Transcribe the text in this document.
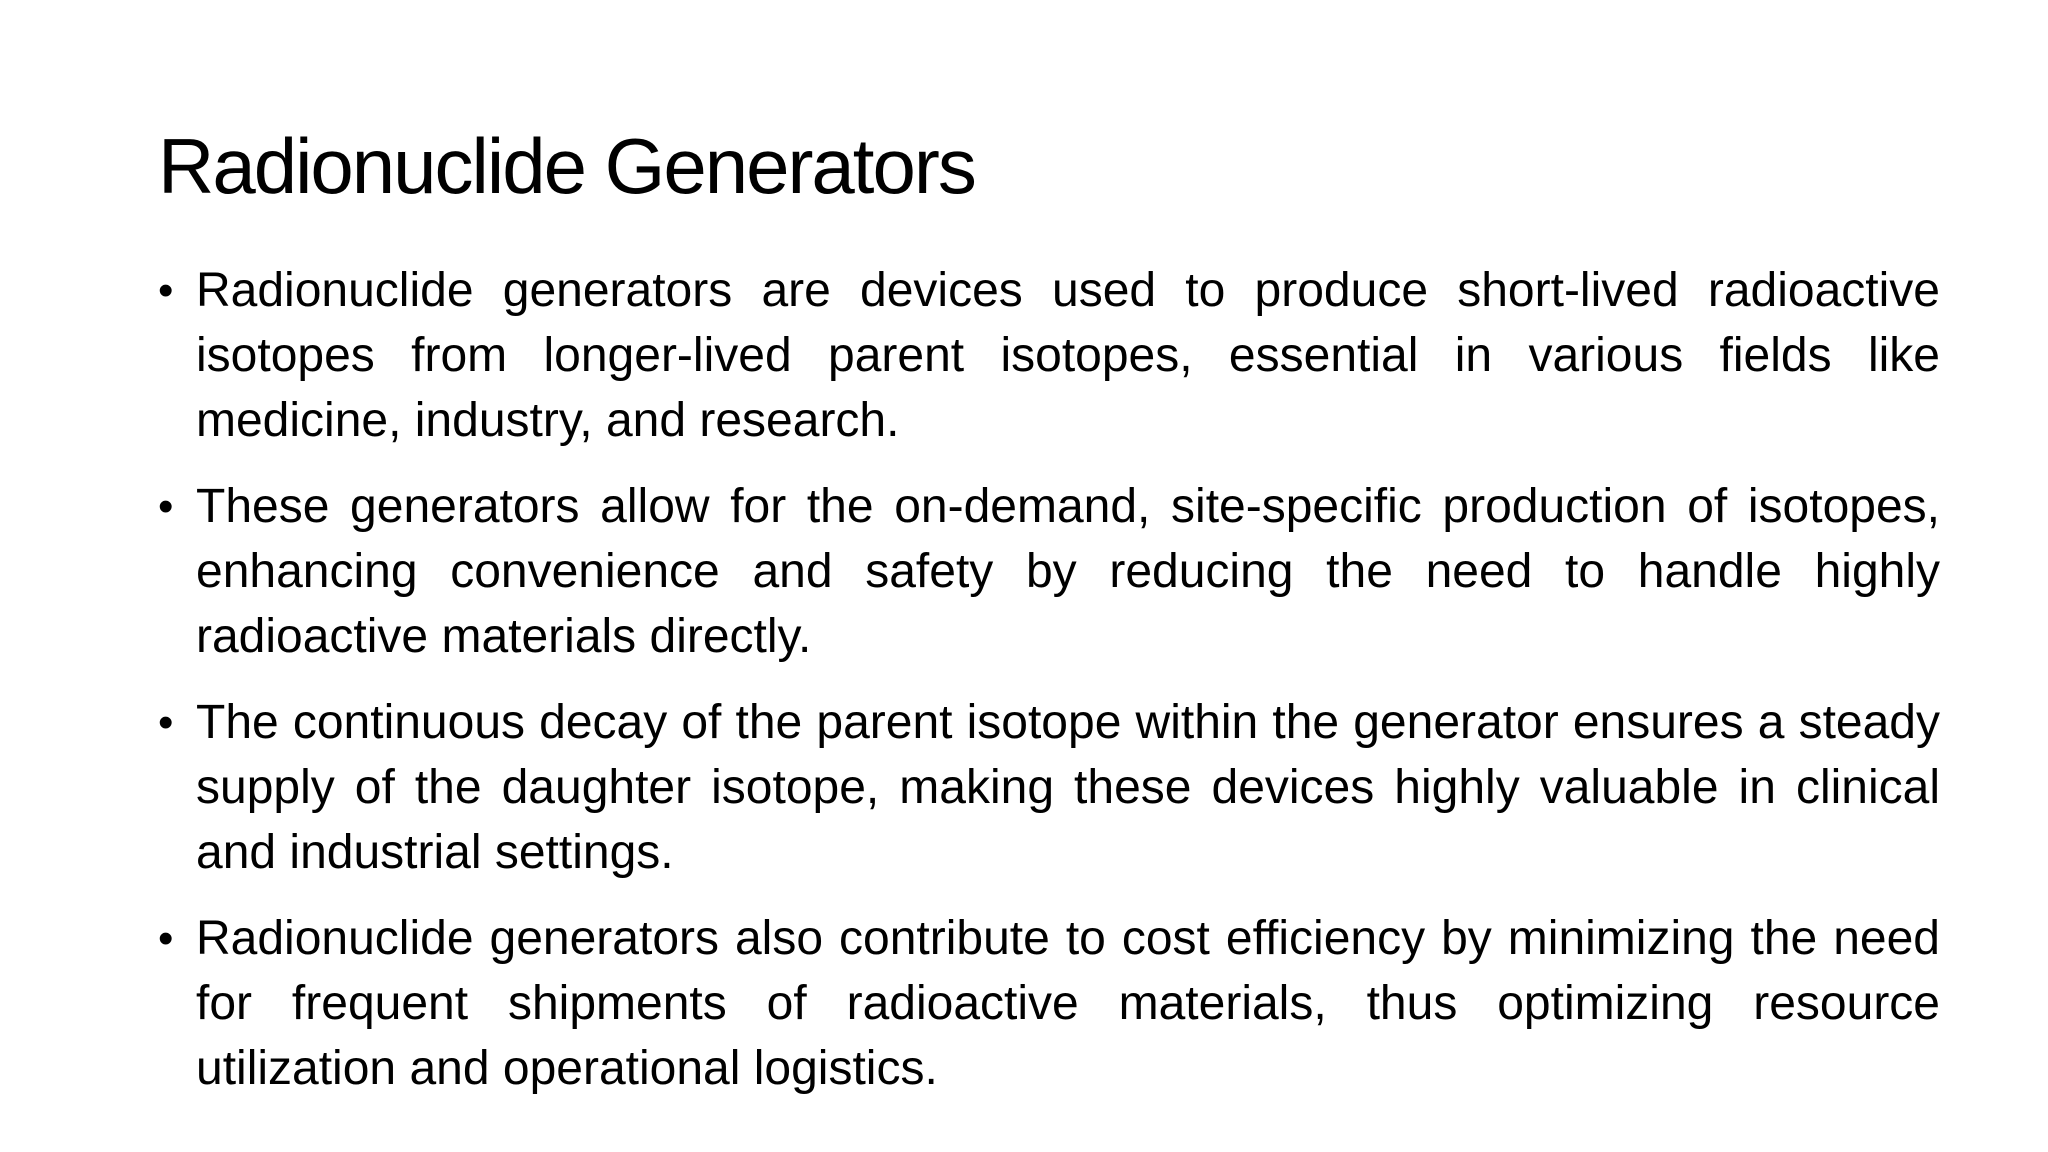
Radionuclide Generators
• Radionuclide generators are devices used to produce short-lived radioactive isotopes from longer-lived parent isotopes, essential in various fields like medicine, industry, and research.
• These generators allow for the on-demand, site-specific production of isotopes, enhancing convenience and safety by reducing the need to handle highly radioactive materials directly.
• The continuous decay of the parent isotope within the generator ensures a steady supply of the daughter isotope, making these devices highly valuable in clinical and industrial settings.
• Radionuclide generators also contribute to cost efficiency by minimizing the need for frequent shipments of radioactive materials, thus optimizing resource utilization and operational logistics.
